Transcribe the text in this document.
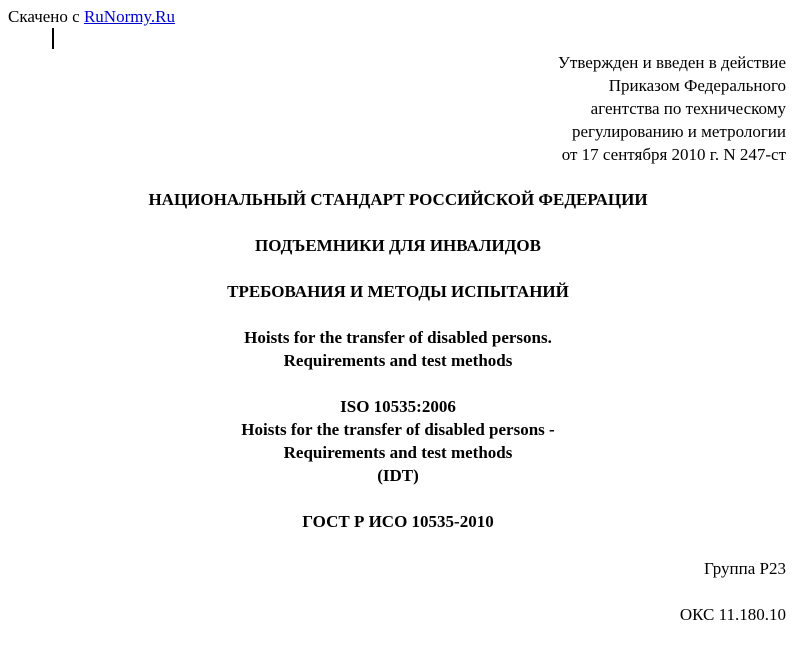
Скачено с RuNormy.Ru
Утвержден и введен в действие
Приказом Федерального
агентства по техническому
регулированию и метрологии
от 17 сентября 2010 г. N 247-ст
НАЦИОНАЛЬНЫЙ СТАНДАРТ РОССИЙСКОЙ ФЕДЕРАЦИИ
ПОДЪЕМНИКИ ДЛЯ ИНВАЛИДОВ
ТРЕБОВАНИЯ И МЕТОДЫ ИСПЫТАНИЙ
Hoists for the transfer of disabled persons.
Requirements and test methods
ISO 10535:2006
Hoists for the transfer of disabled persons -
Requirements and test methods
(IDT)
ГОСТ Р ИСО 10535-2010
Группа Р23
ОКС 11.180.10
